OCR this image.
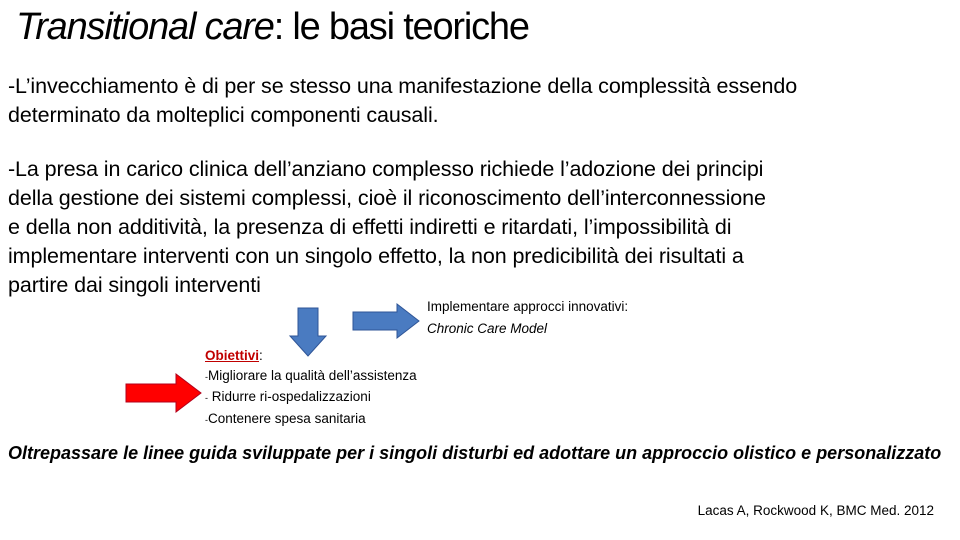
Transitional care: le basi teoriche

-L’invecchiamento è di per se stesso una manifestazione della complessità essendo determinato da molteplici componenti causali.

-La presa in carico clinica dell’anziano complesso richiede l’adozione dei principi
della gestione dei sistemi complessi, cioè il riconoscimento dell’interconnessione
e della non additività, la presenza di effetti indiretti e ritardati, l’impossibilità di
implementare interventi con un singolo effetto, la non predicibilità dei risultati a
partire dai singoli interventi

Implementare approcci innovativi:
Chronic Care Model
Obiettivi:
-Migliorare la qualità dell’assistenza
- Ridurre ri-ospedalizzazioni
-Contenere spesa sanitaria

Oltrepassare le linee guida sviluppate per i singoli disturbi ed adottare un approccio olistico e personalizzato

Lacas A, Rockwood K, BMC Med. 2012
